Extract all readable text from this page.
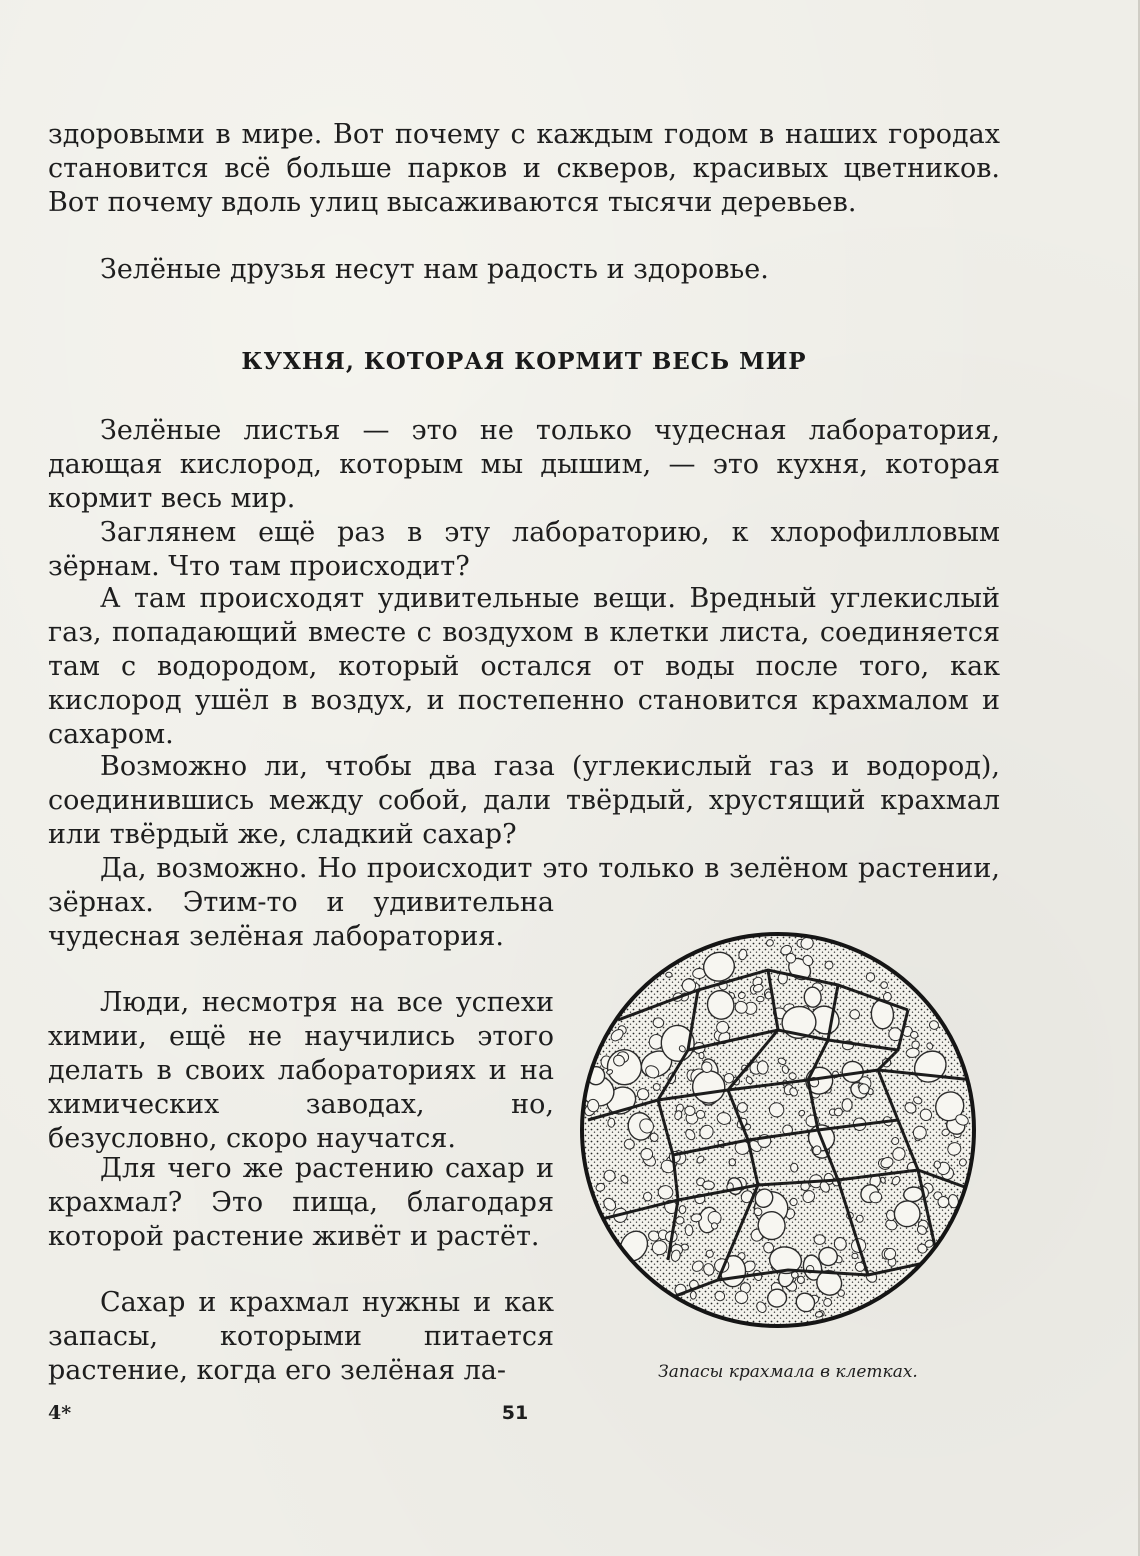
здоровыми в мире. Вот почему с каждым годом в наших городах становится всё больше парков и скверов, красивых цветников. Вот почему вдоль улиц высаживаются тысячи деревьев.

Зелёные друзья несут нам радость и здоровье.

КУХНЯ, КОТОРАЯ КОРМИТ ВЕСЬ МИР

Зелёные листья — это не только чудесная лаборатория, дающая кислород, которым мы дышим, — это кухня, которая кормит весь мир.

Заглянем ещё раз в эту лабораторию, к хлорофилловым зёрнам. Что там происходит?

А там происходят удивительные вещи. Вредный углекислый газ, попадающий вместе с воздухом в клетки листа, соединяется там с водородом, который остался от воды после того, как кислород ушёл в воздух, и постепенно становится крахмалом и сахаром.

Возможно ли, чтобы два газа (углекислый газ и водород), соединившись между собой, дали твёрдый, хрустящий крахмал или твёрдый же, сладкий сахар?

Да, возможно. Но происходит это только в зелёном растении,

зёрнах. Этим-то и удивительна чудесная зелёная лаборатория.

Люди, несмотря на все успехи химии, ещё не научились этого делать в своих лабораториях и на химических заводах, но, безусловно, скоро научатся.

Для чего же растению сахар и крахмал? Это пища, благодаря которой растение живёт и растёт.

Сахар и крахмал нужны и как запасы, которыми питается растение, когда его зелёная ла-	Запасы крахмала в клетках.

4*	51
